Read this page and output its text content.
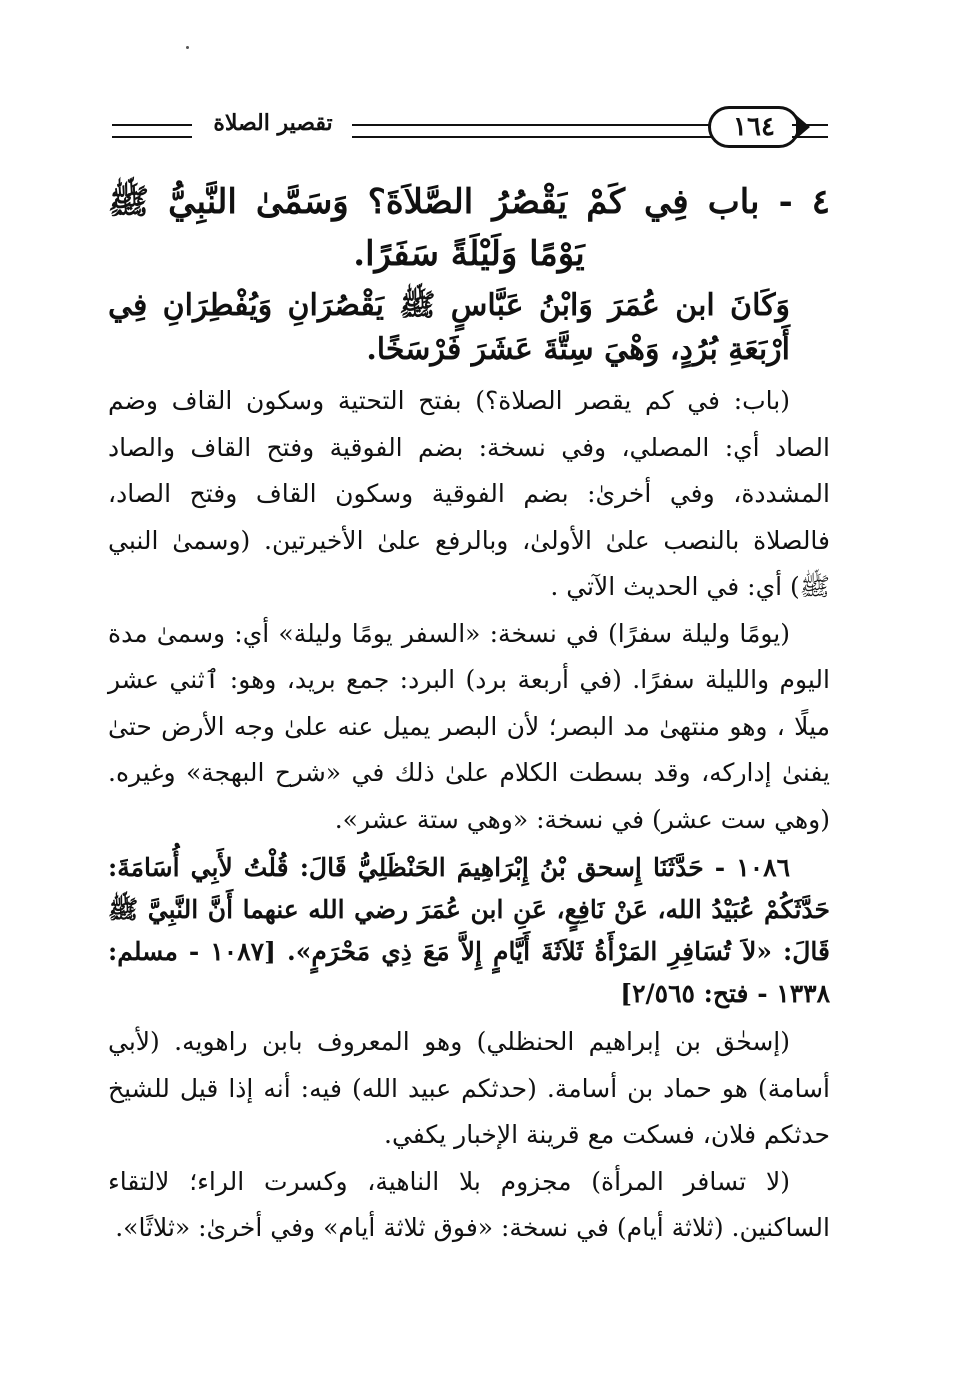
تقصير الصلاة	١٦٤

٤ - باب فِي كَمْ يَقْصُرُ الصَّلاَةَ؟ وَسَمَّىٰ النَّبِيُّ ﷺ يَوْمًا وَلَيْلَةً سَفَرًا.

وَكَانَ ابن عُمَرَ وَابْنُ عَبَّاسٍ ﷺ يَقْصُرَانِ وَيُفْطِرَانِ فِي أَرْبَعَةِ بُرُدٍ، وَهْيَ سِتَّةَ عَشَرَ فَرْسَخًا.

(باب: في كم يقصر الصلاة؟) بفتح التحتية وسكون القاف وضم الصاد أي: المصلي، وفي نسخة: بضم الفوقية وفتح القاف والصاد المشددة، وفي أخرىٰ: بضم الفوقية وسكون القاف وفتح الصاد، فالصلاة بالنصب علىٰ الأولىٰ، وبالرفع علىٰ الأخيرتين. (وسمىٰ النبي ﷺ) أي: في الحديث الآتي .

(يومًا وليلة سفرًا) في نسخة: «السفر يومًا وليلة» أي: وسمىٰ مدة اليوم والليلة سفرًا. (في أربعة برد) البرد: جمع بريد، وهو: ٱثني عشر ميلًا ، وهو منتهىٰ مد البصر؛ لأن البصر يميل عنه علىٰ وجه الأرض حتىٰ يفنىٰ إداركه، وقد بسطت الكلام علىٰ ذلك في «شرح البهجة» وغيره. (وهي ست عشر) في نسخة: «وهي ستة عشر».

١٠٨٦ - حَدَّثَنَا إِسحق بْنُ إِبْرَاهِيمَ الحَنْظَلِيُّ قَالَ: قُلْتُ لأَبِي أُسَامَةَ: حَدَّثَكُمْ عُبَيْدُ الله، عَنْ نَافِعٍ، عَنِ ابن عُمَرَ رضي الله عنهما أَنَّ النَّبِيَّ ﷺ قَالَ: «لاَ تُسَافِرِ المَرْأَةُ ثَلاَثَةَ أَيَّامٍ إِلاَّ مَعَ ذِي مَحْرَمٍ». [١٠٨٧ - مسلم: ١٣٣٨ - فتح: ٢/٥٦٥]

(إسحٰق بن إبراهيم الحنظلي) وهو المعروف بابن راهويه. (لأبي أسامة) هو حماد بن أسامة. (حدثكم عبيد الله) فيه: أنه إذا قيل للشيخ حدثكم فلان، فسكت مع قرينة الإخبار يكفي.

(لا تسافر المرأة) مجزوم بلا الناهية، وكسرت الراء؛ لالتقاء الساكنين. (ثلاثة أيام) في نسخة: «فوق ثلاثة أيام» وفي أخرىٰ: «ثلاثًا».
